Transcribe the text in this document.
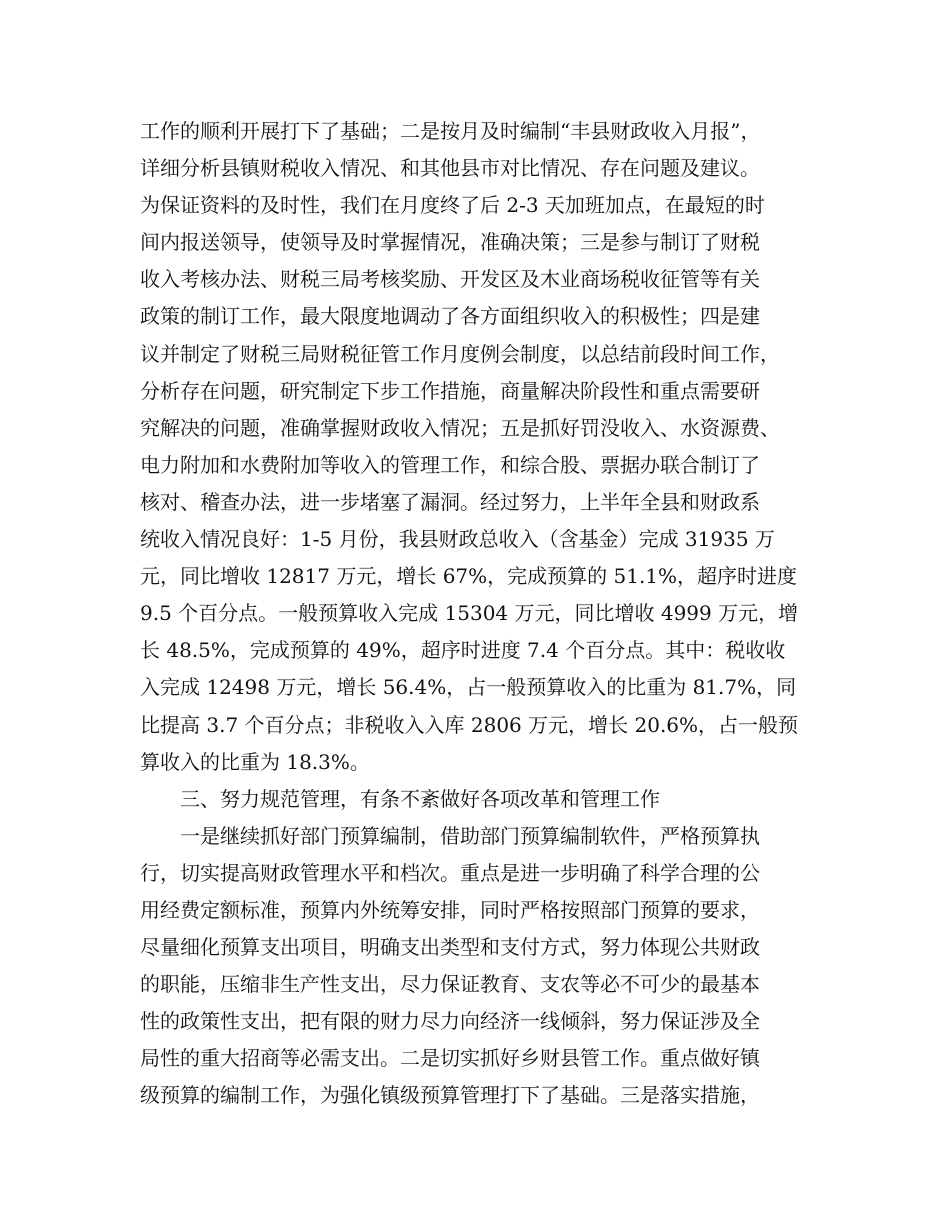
工作的顺利开展打下了基础；二是按月及时编制“丰县财政收入月报”，
详细分析县镇财税收入情况、和其他县市对比情况、存在问题及建议。
为保证资料的及时性，我们在月度终了后 2-3 天加班加点，在最短的时
间内报送领导，使领导及时掌握情况，准确决策；三是参与制订了财税
收入考核办法、财税三局考核奖励、开发区及木业商场税收征管等有关
政策的制订工作，最大限度地调动了各方面组织收入的积极性；四是建
议并制定了财税三局财税征管工作月度例会制度，以总结前段时间工作，
分析存在问题，研究制定下步工作措施，商量解决阶段性和重点需要研
究解决的问题，准确掌握财政收入情况；五是抓好罚没收入、水资源费、
电力附加和水费附加等收入的管理工作，和综合股、票据办联合制订了
核对、稽查办法，进一步堵塞了漏洞。经过努力，上半年全县和财政系
统收入情况良好：1-5 月份，我县财政总收入（含基金）完成 31935 万
元，同比增收 12817 万元，增长 67%，完成预算的 51.1%，超序时进度
9.5 个百分点。一般预算收入完成 15304 万元，同比增收 4999 万元，增
长 48.5%，完成预算的 49%，超序时进度 7.4 个百分点。其中：税收收
入完成 12498 万元，增长 56.4%，占一般预算收入的比重为 81.7%，同
比提高 3.7 个百分点；非税收入入库 2806 万元，增长 20.6%，占一般预
算收入的比重为 18.3%。
三、努力规范管理，有条不紊做好各项改革和管理工作
一是继续抓好部门预算编制，借助部门预算编制软件，严格预算执
行，切实提高财政管理水平和档次。重点是进一步明确了科学合理的公
用经费定额标准，预算内外统筹安排，同时严格按照部门预算的要求，
尽量细化预算支出项目，明确支出类型和支付方式，努力体现公共财政
的职能，压缩非生产性支出，尽力保证教育、支农等必不可少的最基本
性的政策性支出，把有限的财力尽力向经济一线倾斜，努力保证涉及全
局性的重大招商等必需支出。二是切实抓好乡财县管工作。重点做好镇
级预算的编制工作，为强化镇级预算管理打下了基础。三是落实措施，
